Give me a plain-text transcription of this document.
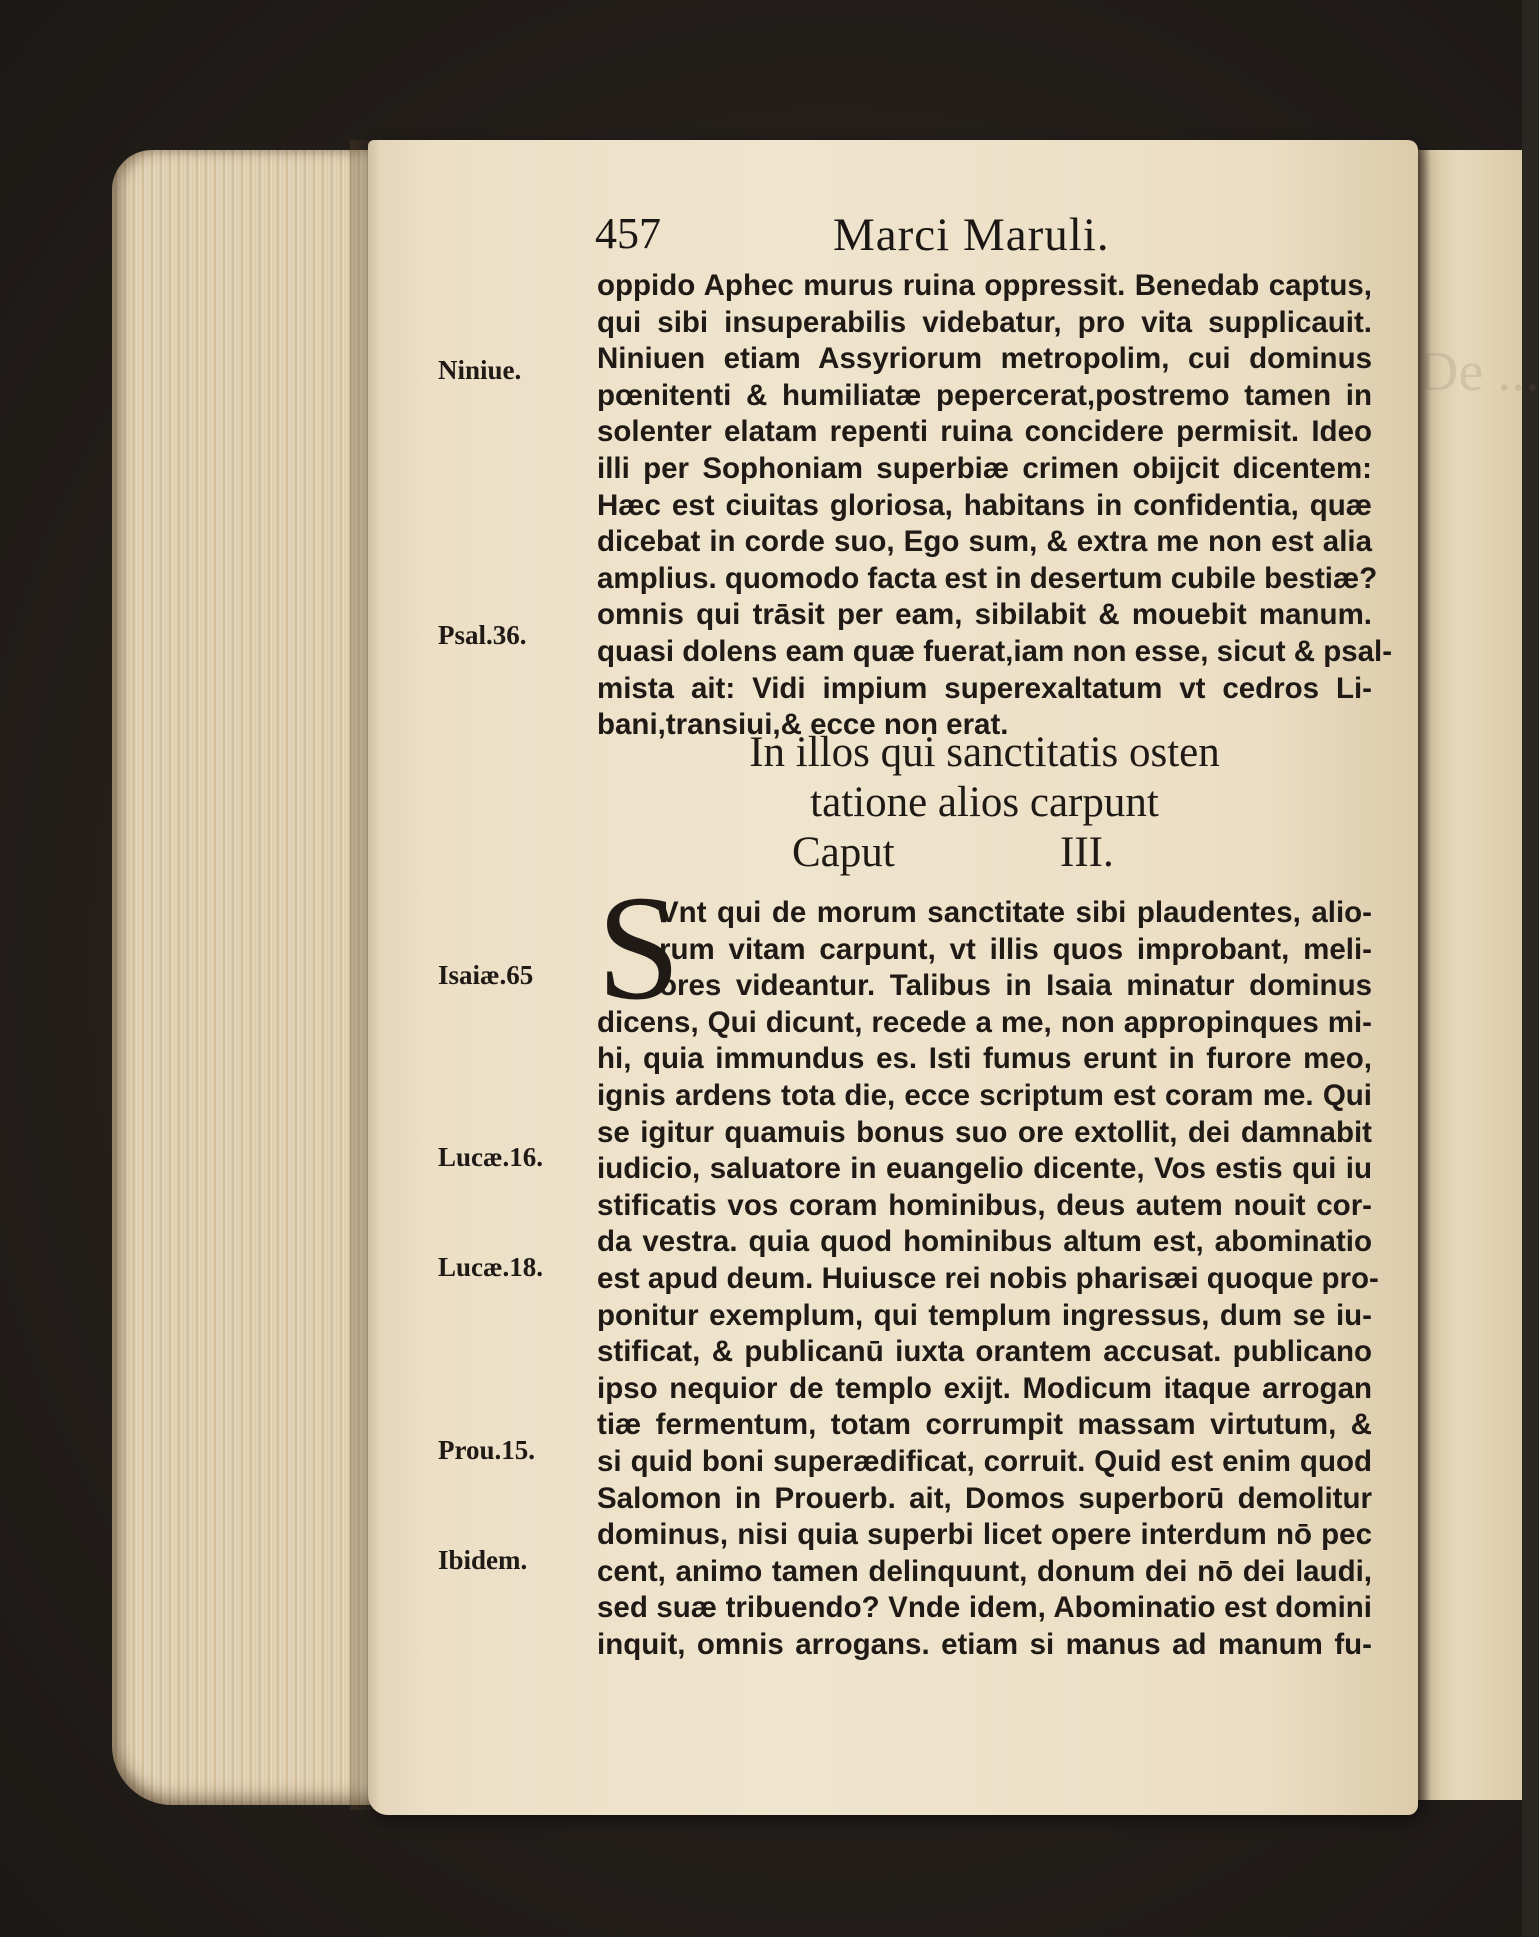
De ...
457	Marci Maruli.
oppido Aphec murus ruina oppressit. Benedab captus,
qui sibi insuperabilis videbatur, pro vita supplicauit.
Niniuen etiam Assyriorum metropolim, cui dominus
pœnitenti & humiliatæ pepercerat,postremo tamen in
solenter elatam repenti ruina concidere permisit. Ideo
illi per Sophoniam superbiæ crimen obijcit dicentem:
Hæc est ciuitas gloriosa, habitans in confidentia, quæ
dicebat in corde suo, Ego sum, & extra me non est alia
amplius. quomodo facta est in desertum cubile bestiæ?
omnis qui trāsit per eam, sibilabit & mouebit manum.
quasi dolens eam quæ fuerat,iam non esse, sicut & psal-
mista ait: Vidi impium superexaltatum vt cedros Li-
bani,transiui,& ecce non erat.
In illos qui sanctitatis osten
tatione alios carpunt
Caput	III.
S
Vnt qui de morum sanctitate sibi plaudentes, alio-
rum vitam carpunt, vt illis quos improbant, meli-
ores videantur. Talibus in Isaia minatur dominus
dicens, Qui dicunt, recede a me, non appropinques mi-
hi, quia immundus es. Isti fumus erunt in furore meo,
ignis ardens tota die, ecce scriptum est coram me. Qui
se igitur quamuis bonus suo ore extollit, dei damnabit
iudicio, saluatore in euangelio dicente, Vos estis qui iu
stificatis vos coram hominibus, deus autem nouit cor-
da vestra. quia quod hominibus altum est, abominatio
est apud deum. Huiusce rei nobis pharisæi quoque pro-
ponitur exemplum, qui templum ingressus, dum se iu-
stificat, & publicanū iuxta orantem accusat. publicano
ipso nequior de templo exijt. Modicum itaque arrogan
tiæ fermentum, totam corrumpit massam virtutum, &
si quid boni superædificat, corruit. Quid est enim quod
Salomon in Prouerb. ait, Domos superborū demolitur
dominus, nisi quia superbi licet opere interdum nō pec
cent, animo tamen delinquunt, donum dei nō dei laudi,
sed suæ tribuendo? Vnde idem, Abominatio est domini
inquit, omnis arrogans. etiam si manus ad manum fu-
Niniue.
Psal.36.
Isaiæ.65
Lucæ.16.
Lucæ.18.
Prou.15.
Ibidem.
